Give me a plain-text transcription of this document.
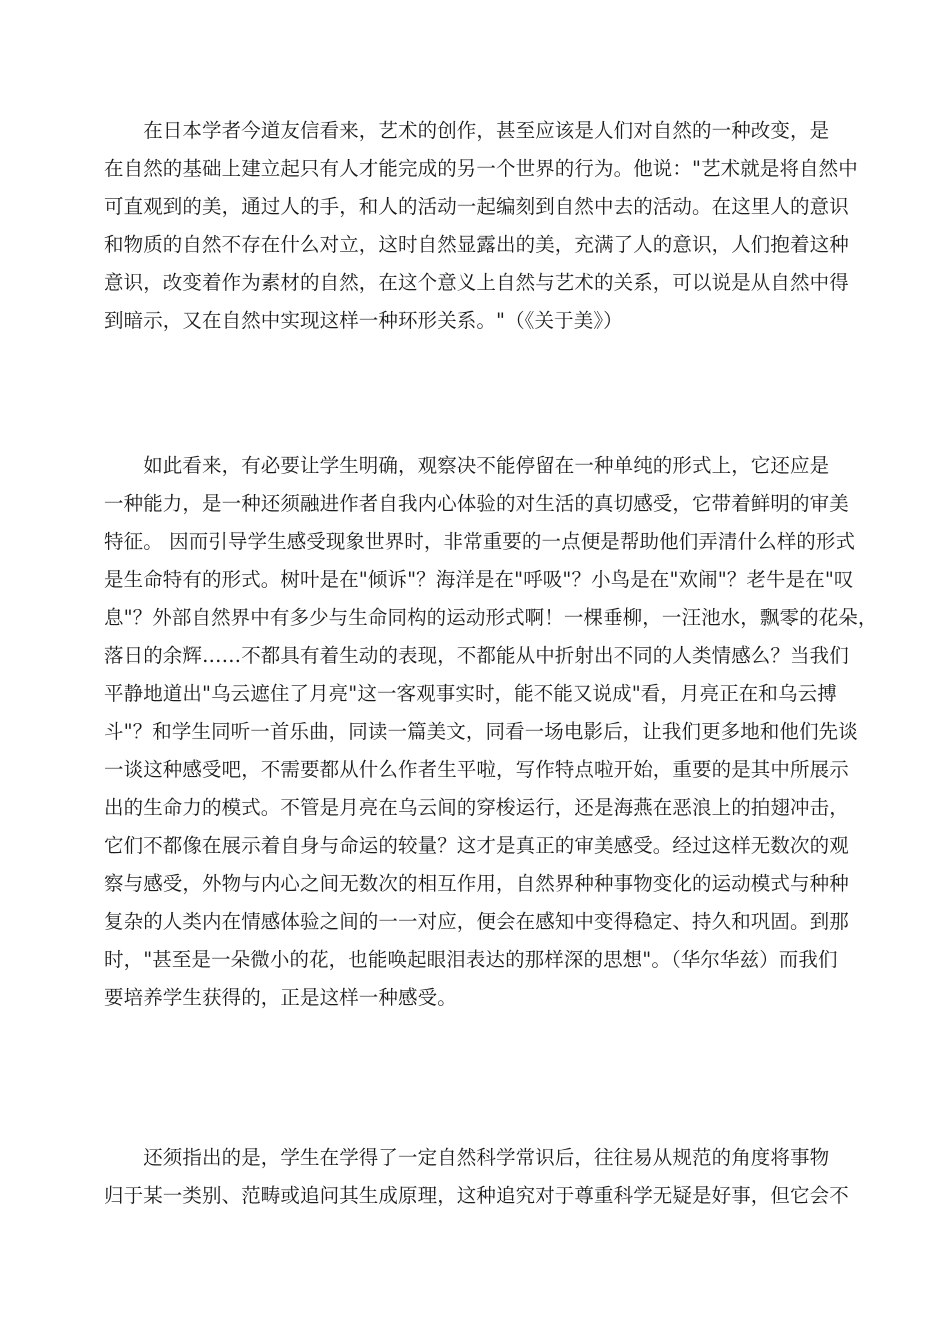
　　在日本学者今道友信看来，艺术的创作，甚至应该是人们对自然的一种改变，是
在自然的基础上建立起只有人才能完成的另一个世界的行为。他说："艺术就是将自然中
可直观到的美，通过人的手，和人的活动一起编刻到自然中去的活动。在这里人的意识
和物质的自然不存在什么对立，这时自然显露出的美，充满了人的意识，人们抱着这种
意识，改变着作为素材的自然，在这个意义上自然与艺术的关系，可以说是从自然中得
到暗示，又在自然中实现这样一种环形关系。"（《关于美》）
　　如此看来，有必要让学生明确，观察决不能停留在一种单纯的形式上，它还应是
一种能力，是一种还须融进作者自我内心体验的对生活的真切感受，它带着鲜明的审美
特征。 因而引导学生感受现象世界时，非常重要的一点便是帮助他们弄清什么样的形式
是生命特有的形式。树叶是在"倾诉"？海洋是在"呼吸"？小鸟是在"欢闹"？老牛是在"叹
息"？外部自然界中有多少与生命同构的运动形式啊！一棵垂柳，一汪池水，飘零的花朵，
落日的余辉……不都具有着生动的表现，不都能从中折射出不同的人类情感么？当我们
平静地道出"乌云遮住了月亮"这一客观事实时，能不能又说成"看，月亮正在和乌云搏
斗"？和学生同听一首乐曲，同读一篇美文，同看一场电影后，让我们更多地和他们先谈
一谈这种感受吧，不需要都从什么作者生平啦，写作特点啦开始，重要的是其中所展示
出的生命力的模式。不管是月亮在乌云间的穿梭运行，还是海燕在恶浪上的拍翅冲击，
它们不都像在展示着自身与命运的较量？这才是真正的审美感受。经过这样无数次的观
察与感受，外物与内心之间无数次的相互作用，自然界种种事物变化的运动模式与种种
复杂的人类内在情感体验之间的一一对应，便会在感知中变得稳定、持久和巩固。到那
时，"甚至是一朵微小的花，也能唤起眼泪表达的那样深的思想"。（华尔华兹）而我们
要培养学生获得的，正是这样一种感受。
　　还须指出的是，学生在学得了一定自然科学常识后，往往易从规范的角度将事物
归于某一类别、范畴或追问其生成原理，这种追究对于尊重科学无疑是好事，但它会不
